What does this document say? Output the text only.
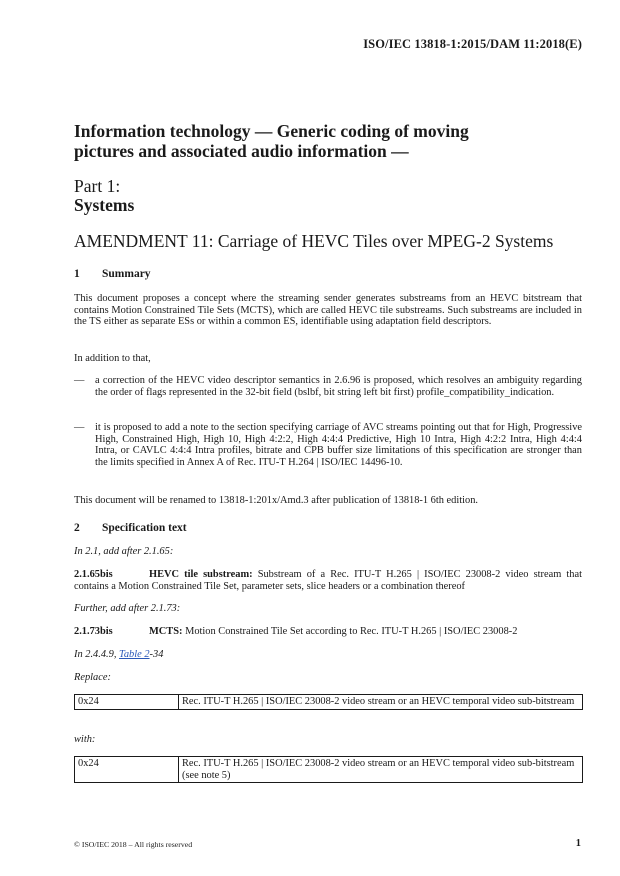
ISO/IEC 13818-1:2015/DAM 11:2018(E)
Information technology — Generic coding of moving
pictures and associated audio information —
Part 1:
Systems
AMENDMENT 11: Carriage of HEVC Tiles over MPEG-2 Systems
1 Summary
This document proposes a concept where the streaming sender generates substreams from an HEVC bitstream that contains Motion Constrained Tile Sets (MCTS), which are called HEVC tile substreams. Such substreams are included in the TS either as separate ESs or within a common ES, identifiable using adaptation field descriptors.
In addition to that,
— a correction of the HEVC video descriptor semantics in 2.6.96 is proposed, which resolves an ambiguity regarding the order of flags represented in the 32-bit field (bslbf, bit string left bit first) profile_compatibility_indication.
— it is proposed to add a note to the section specifying carriage of AVC streams pointing out that for High, Progressive High, Constrained High, High 10, High 4:2:2, High 4:4:4 Predictive, High 10 Intra, High 4:2:2 Intra, High 4:4:4 Intra, or CAVLC 4:4:4 Intra profiles, bitrate and CPB buffer size limitations of this specification are stronger than the limits specified in Annex A of Rec. ITU-T H.264 | ISO/IEC 14496-10.
This document will be renamed to 13818-1:201x/Amd.3 after publication of 13818-1 6th edition.
2 Specification text
In 2.1, add after 2.1.65:
2.1.65bis	HEVC tile substream: Substream of a Rec. ITU-T H.265 | ISO/IEC 23008-2 video stream that contains a Motion Constrained Tile Set, parameter sets, slice headers or a combination thereof
Further, add after 2.1.73:
2.1.73bis	MCTS: Motion Constrained Tile Set according to Rec. ITU-T H.265 | ISO/IEC 23008-2
In 2.4.4.9, Table 2-34
Replace:
0x24	Rec. ITU-T H.265 | ISO/IEC 23008-2 video stream or an HEVC temporal video sub-bitstream
with:
0x24	Rec. ITU-T H.265 | ISO/IEC 23008-2 video stream or an HEVC temporal video sub-bitstream (see note 5)
© ISO/IEC 2018 – All rights reserved	1
